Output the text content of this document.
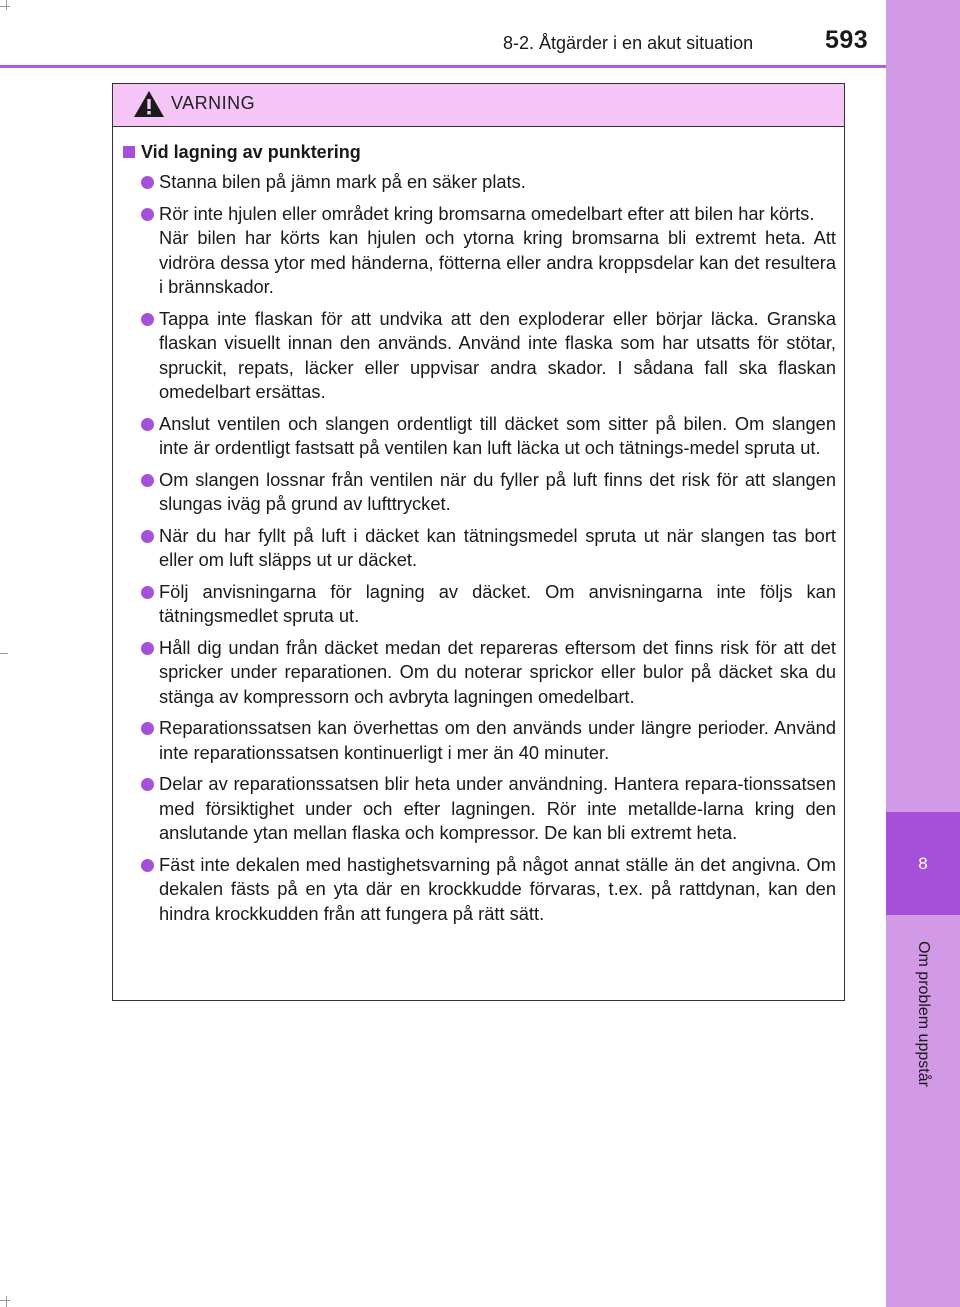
8-2. Åtgärder i en akut situation	593
8
Om problem uppstår
VARNING
Vid lagning av punktering
Stanna bilen på jämn mark på en säker plats.
Rör inte hjulen eller området kring bromsarna omedelbart efter att bilen har körts.
När bilen har körts kan hjulen och ytorna kring bromsarna bli extremt heta. Att vidröra dessa ytor med händerna, fötterna eller andra kroppsdelar kan det resultera i brännskador.
Tappa inte flaskan för att undvika att den exploderar eller börjar läcka. Granska flaskan visuellt innan den används. Använd inte flaska som har utsatts för stötar, spruckit, repats, läcker eller uppvisar andra skador. I sådana fall ska flaskan omedelbart ersättas.
Anslut ventilen och slangen ordentligt till däcket som sitter på bilen. Om slangen inte är ordentligt fastsatt på ventilen kan luft läcka ut och tätnings-medel spruta ut.
Om slangen lossnar från ventilen när du fyller på luft finns det risk för att slangen slungas iväg på grund av lufttrycket.
När du har fyllt på luft i däcket kan tätningsmedel spruta ut när slangen tas bort eller om luft släpps ut ur däcket.
Följ anvisningarna för lagning av däcket. Om anvisningarna inte följs kan tätningsmedlet spruta ut.
Håll dig undan från däcket medan det repareras eftersom det finns risk för att det spricker under reparationen. Om du noterar sprickor eller bulor på däcket ska du stänga av kompressorn och avbryta lagningen omedelbart.
Reparationssatsen kan överhettas om den används under längre perioder. Använd inte reparationssatsen kontinuerligt i mer än 40 minuter.
Delar av reparationssatsen blir heta under användning. Hantera repara-tionssatsen med försiktighet under och efter lagningen. Rör inte metallde-larna kring den anslutande ytan mellan flaska och kompressor. De kan bli extremt heta.
Fäst inte dekalen med hastighetsvarning på något annat ställe än det angivna. Om dekalen fästs på en yta där en krockkudde förvaras, t.ex. på rattdynan, kan den hindra krockkudden från att fungera på rätt sätt.
